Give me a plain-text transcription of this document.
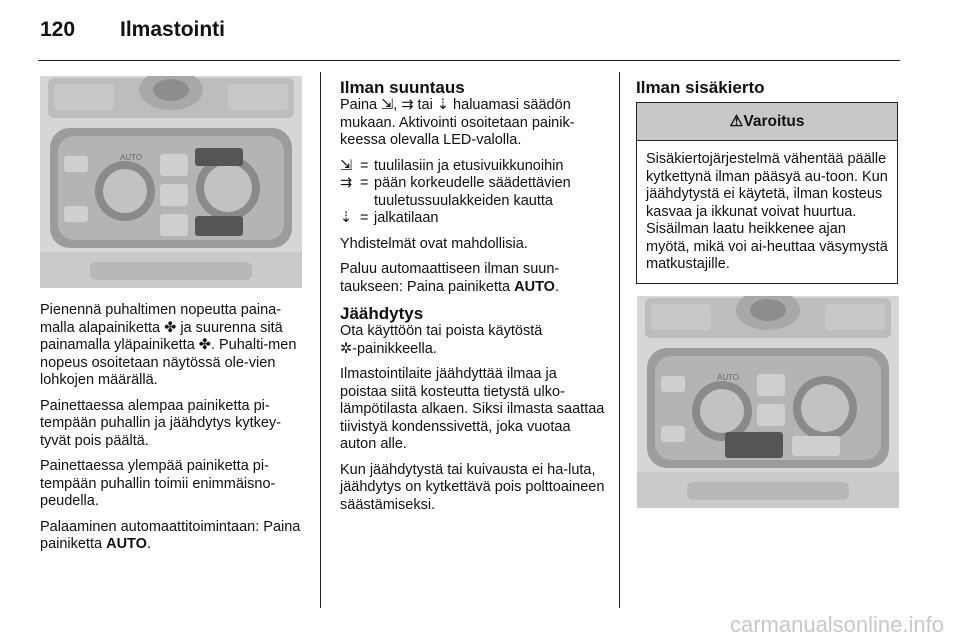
120 Ilmastointi
AUTO

Pienennä puhaltimen nopeutta paina-malla alapainiketta ✤ ja suurenna sitä painamalla yläpainiketta ✤. Puhalti-men nopeus osoitetaan näytössä ole-vien lohkojen määrällä.

Painettaessa alempaa painiketta pi-tempään puhallin ja jäähdytys kytkey-tyvät pois päältä.

Painettaessa ylempää painiketta pi-tempään puhallin toimii enimmäisno-peudella.

Palaaminen automaattitoimintaan: Paina painiketta AUTO.

Ilman suuntaus

Paina ⇲, ⇉ tai ⇣ haluamasi säädön mukaan. Aktivointi osoitetaan painik-keessa olevalla LED-valolla.

⇲	=	tuulilasiin ja etusivuikkunoihin
⇉	=	pään korkeudelle säädettävien tuuletussuulakkeiden kautta
⇣	=	jalkatilaan

Yhdistelmät ovat mahdollisia.

Paluu automaattiseen ilman suun-taukseen: Paina painiketta AUTO.

Jäähdytys

Ota käyttöön tai poista käytöstä
✲-painikkeella.

Ilmastointilaite jäähdyttää ilmaa ja poistaa siitä kosteutta tietystä ulko-lämpötilasta alkaen. Siksi ilmasta saattaa tiivistyä kondenssivettä, joka vuotaa auton alle.

Kun jäähdytystä tai kuivausta ei ha-luta, jäähdytys on kytkettävä pois polttoaineen säästämiseksi.

Ilman sisäkierto
⚠Varoitus
Sisäkiertojärjestelmä vähentää päälle kytkettynä ilman pääsyä au-toon. Kun jäähdytystä ei käytetä, ilman kosteus kasvaa ja ikkunat voivat huurtua. Sisäilman laatu heikkenee ajan myötä, mikä voi ai-heuttaa väsymystä matkustajille.
AUTO
carmanualsonline.info
